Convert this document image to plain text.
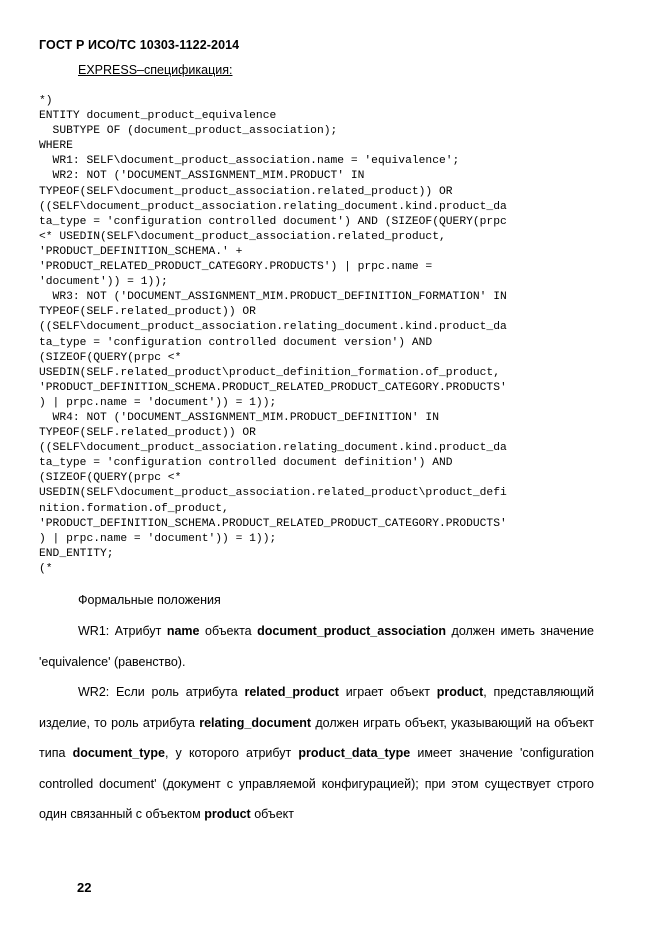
ГОСТ Р ИСО/ТС 10303-1122-2014
EXPRESS–спецификация:
*)
ENTITY document_product_equivalence
SUBTYPE OF (document_product_association);
WHERE
WR1: SELF\document_product_association.name = 'equivalence';
WR2: NOT ('DOCUMENT_ASSIGNMENT_MIM.PRODUCT' IN
TYPEOF(SELF\document_product_association.related_product)) OR
((SELF\document_product_association.relating_document.kind.product_da
ta_type = 'configuration controlled document') AND (SIZEOF(QUERY(prpc
<* USEDIN(SELF\document_product_association.related_product,
'PRODUCT_DEFINITION_SCHEMA.' +
'PRODUCT_RELATED_PRODUCT_CATEGORY.PRODUCTS') | prpc.name =
'document')) = 1));
WR3: NOT ('DOCUMENT_ASSIGNMENT_MIM.PRODUCT_DEFINITION_FORMATION' IN
TYPEOF(SELF.related_product)) OR
((SELF\document_product_association.relating_document.kind.product_da
ta_type = 'configuration controlled document version') AND
(SIZEOF(QUERY(prpc <*
USEDIN(SELF.related_product\product_definition_formation.of_product,
'PRODUCT_DEFINITION_SCHEMA.PRODUCT_RELATED_PRODUCT_CATEGORY.PRODUCTS'
) | prpc.name = 'document')) = 1));
WR4: NOT ('DOCUMENT_ASSIGNMENT_MIM.PRODUCT_DEFINITION' IN
TYPEOF(SELF.related_product)) OR
((SELF\document_product_association.relating_document.kind.product_da
ta_type = 'configuration controlled document definition') AND
(SIZEOF(QUERY(prpc <*
USEDIN(SELF\document_product_association.related_product\product_defi
nition.formation.of_product,
'PRODUCT_DEFINITION_SCHEMA.PRODUCT_RELATED_PRODUCT_CATEGORY.PRODUCTS'
) | prpc.name = 'document')) = 1));
END_ENTITY;
(*
Формальные положения
WR1: Атрибут name объекта document_product_association должен иметь значение 'equivalence' (равенство).
WR2: Если роль атрибута related_product играет объект product, представляющий изделие, то роль атрибута relating_document должен играть объект, указывающий на объект типа document_type, у которого атрибут product_data_type имеет значение 'configuration controlled document' (документ с управляемой конфигурацией); при этом существует строго один связанный с объектом product объект
22
